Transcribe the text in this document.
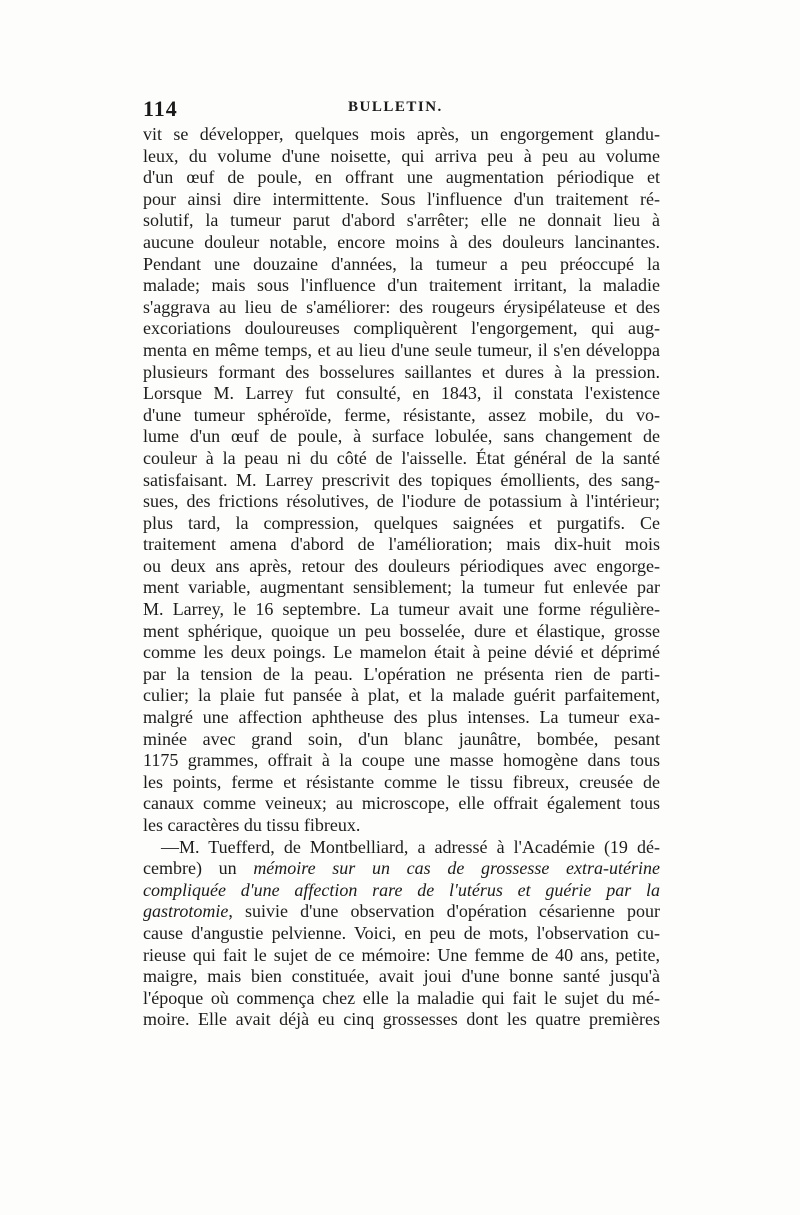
114	BULLETIN.
vit se développer, quelques mois après, un engorgement glandu-
leux, du volume d'une noisette, qui arriva peu à peu au volume
d'un œuf de poule, en offrant une augmentation périodique et
pour ainsi dire intermittente. Sous l'influence d'un traitement ré-
solutif, la tumeur parut d'abord s'arrêter; elle ne donnait lieu à
aucune douleur notable, encore moins à des douleurs lancinantes.
Pendant une douzaine d'années, la tumeur a peu préoccupé la
malade; mais sous l'influence d'un traitement irritant, la maladie
s'aggrava au lieu de s'améliorer: des rougeurs érysipélateuse et des
excoriations douloureuses compliquèrent l'engorgement, qui aug-
menta en même temps, et au lieu d'une seule tumeur, il s'en développa
plusieurs formant des bosselures saillantes et dures à la pression.
Lorsque M. Larrey fut consulté, en 1843, il constata l'existence
d'une tumeur sphéroïde, ferme, résistante, assez mobile, du vo-
lume d'un œuf de poule, à surface lobulée, sans changement de
couleur à la peau ni du côté de l'aisselle. État général de la santé
satisfaisant. M. Larrey prescrivit des topiques émollients, des sang-
sues, des frictions résolutives, de l'iodure de potassium à l'intérieur;
plus tard, la compression, quelques saignées et purgatifs. Ce
traitement amena d'abord de l'amélioration; mais dix-huit mois
ou deux ans après, retour des douleurs périodiques avec engorge-
ment variable, augmentant sensiblement; la tumeur fut enlevée par
M. Larrey, le 16 septembre. La tumeur avait une forme régulière-
ment sphérique, quoique un peu bosselée, dure et élastique, grosse
comme les deux poings. Le mamelon était à peine dévié et déprimé
par la tension de la peau. L'opération ne présenta rien de parti-
culier; la plaie fut pansée à plat, et la malade guérit parfaitement,
malgré une affection aphtheuse des plus intenses. La tumeur exa-
minée avec grand soin, d'un blanc jaunâtre, bombée, pesant
1175 grammes, offrait à la coupe une masse homogène dans tous
les points, ferme et résistante comme le tissu fibreux, creusée de
canaux comme veineux; au microscope, elle offrait également tous
les caractères du tissu fibreux.
—M. Tuefferd, de Montbelliard, a adressé à l'Académie (19 dé-
cembre) un mémoire sur un cas de grossesse extra-utérine
compliquée d'une affection rare de l'utérus et guérie par la
gastrotomie, suivie d'une observation d'opération césarienne pour
cause d'angustie pelvienne. Voici, en peu de mots, l'observation cu-
rieuse qui fait le sujet de ce mémoire: Une femme de 40 ans, petite,
maigre, mais bien constituée, avait joui d'une bonne santé jusqu'à
l'époque où commença chez elle la maladie qui fait le sujet du mé-
moire. Elle avait déjà eu cinq grossesses dont les quatre premières
